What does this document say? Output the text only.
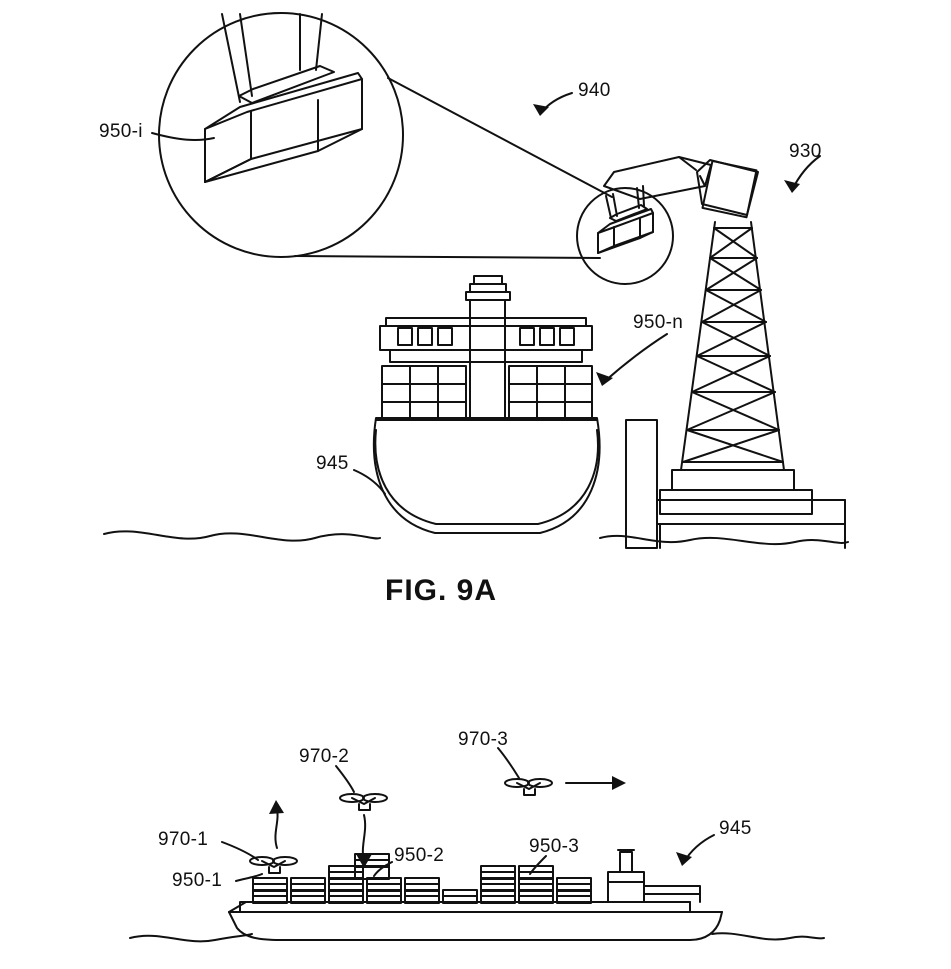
950-i
940
930
950-n
945
FIG. 9A
970-1
970-2
970-3
950-1
950-2	950-3
945
